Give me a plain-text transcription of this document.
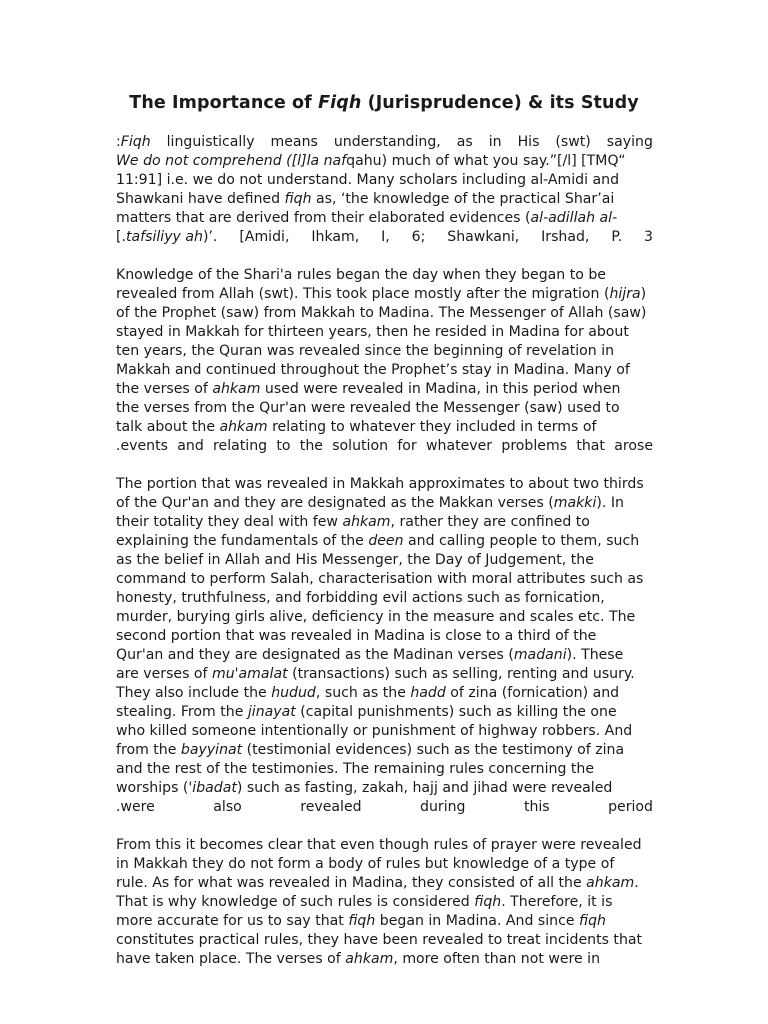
The Importance of Fiqh (Jurisprudence) & its Study
:Fiqh linguistically means understanding, as in His (swt) saying
We do not comprehend ([l]la nafqahu) much of what you say.”[/l] [TMQ“
11:91] i.e. we do not understand. Many scholars including al-Amidi and
Shawkani have defined fiqh as, ‘the knowledge of the practical Shar’ai
matters that are derived from their elaborated evidences (al-adillah al-
[.tafsiliyy ah)’. [Amidi, Ihkam, I, 6; Shawkani, Irshad, P. 3
Knowledge of the Shari'a rules began the day when they began to be
revealed from Allah (swt). This took place mostly after the migration (hijra)
of the Prophet (saw) from Makkah to Madina. The Messenger of Allah (saw)
stayed in Makkah for thirteen years, then he resided in Madina for about
ten years, the Quran was revealed since the beginning of revelation in
Makkah and continued throughout the Prophet’s stay in Madina. Many of
the verses of ahkam used were revealed in Madina, in this period when
the verses from the Qur'an were revealed the Messenger (saw) used to
talk about the ahkam relating to whatever they included in terms of
.events and relating to the solution for whatever problems that arose
The portion that was revealed in Makkah approximates to about two thirds
of the Qur'an and they are designated as the Makkan verses (makki). In
their totality they deal with few ahkam, rather they are confined to
explaining the fundamentals of the deen and calling people to them, such
as the belief in Allah and His Messenger, the Day of Judgement, the
command to perform Salah, characterisation with moral attributes such as
honesty, truthfulness, and forbidding evil actions such as fornication,
murder, burying girls alive, deficiency in the measure and scales etc. The
second portion that was revealed in Madina is close to a third of the
Qur'an and they are designated as the Madinan verses (madani). These
are verses of mu'amalat (transactions) such as selling, renting and usury.
They also include the hudud, such as the hadd of zina (fornication) and
stealing. From the jinayat (capital punishments) such as killing the one
who killed someone intentionally or punishment of highway robbers. And
from the bayyinat (testimonial evidences) such as the testimony of zina
and the rest of the testimonies. The remaining rules concerning the
worships ('ibadat) such as fasting, zakah, hajj and jihad were revealed
.were	also	revealed	during	this	period
From this it becomes clear that even though rules of prayer were revealed
in Makkah they do not form a body of rules but knowledge of a type of
rule. As for what was revealed in Madina, they consisted of all the ahkam.
That is why knowledge of such rules is considered fiqh. Therefore, it is
more accurate for us to say that fiqh began in Madina. And since fiqh
constitutes practical rules, they have been revealed to treat incidents that
have taken place. The verses of ahkam, more often than not were in
